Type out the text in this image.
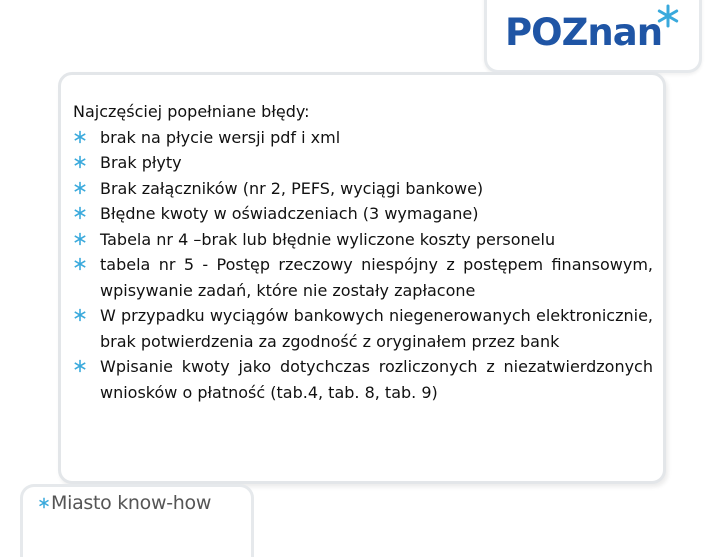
POZnan

Najczęściej popełniane błędy:

brak na płycie wersji pdf i xml
Brak płyty
Brak załączników (nr 2, PEFS, wyciągi bankowe)
Błędne kwoty w oświadczeniach (3 wymagane)
Tabela nr 4 –brak lub błędnie wyliczone koszty personelu
tabela nr 5 - Postęp rzeczowy niespójny z postępem finansowym, wpisywanie zadań, które nie zostały zapłacone
W przypadku wyciągów bankowych niegenerowanych elektronicznie, brak potwierdzenia za zgodność z oryginałem przez bank
Wpisanie kwoty jako dotychczas rozliczonych z niezatwierdzonych wniosków o płatność (tab.4, tab. 8, tab. 9)
Miasto know-how
